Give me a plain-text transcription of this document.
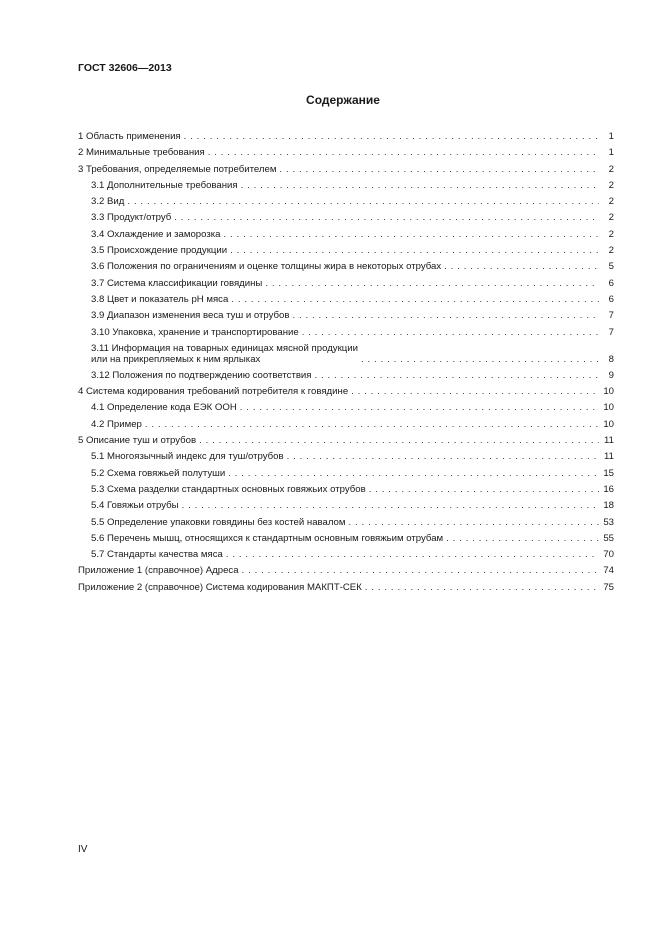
ГОСТ 32606—2013
Содержание
1 Область применения . . .	1
2 Минимальные требования . . .	1
3 Требования, определяемые потребителем . . .	2
3.1 Дополнительные требования . . .	2
3.2 Вид . . .	2
3.3 Продукт/отруб . . .	2
3.4 Охлаждение и заморозка . . .	2
3.5 Происхождение продукции . . .	2
3.6 Положения по ограничениям и оценке толщины жира в некоторых отрубах . . .	5
3.7 Система классификации говядины . . .	6
3.8 Цвет и показатель рН мяса . . .	6
3.9 Диапазон изменения веса туш и отрубов . . .	7
3.10 Упаковка, хранение и транспортирование . . .	7
3.11 Информация на товарных единицах мясной продукции
или на прикрепляемых к ним ярлыках . . .	8
3.12 Положения по подтверждению соответствия . . .	9
4 Система кодирования требований потребителя к говядине . . .	10
4.1 Определение кода ЕЭК ООН . . .	10
4.2 Пример . . .	10
5 Описание туш и отрубов . . .	11
5.1 Многоязычный индекс для туш/отрубов . . .	11
5.2 Схема говяжьей полутуши . . .	15
5.3 Схема разделки стандартных основных говяжьих отрубов . . .	16
5.4 Говяжьи отрубы . . .	18
5.5 Определение упаковки говядины без костей навалом . . .	53
5.6 Перечень мышц, относящихся к стандартным основным говяжьим отрубам . . .	55
5.7 Стандарты качества мяса . . .	70
Приложение 1 (справочное) Адреса . . .	74
Приложение 2 (справочное) Система кодирования МАКПТ-СЕК . . .	75
IV
